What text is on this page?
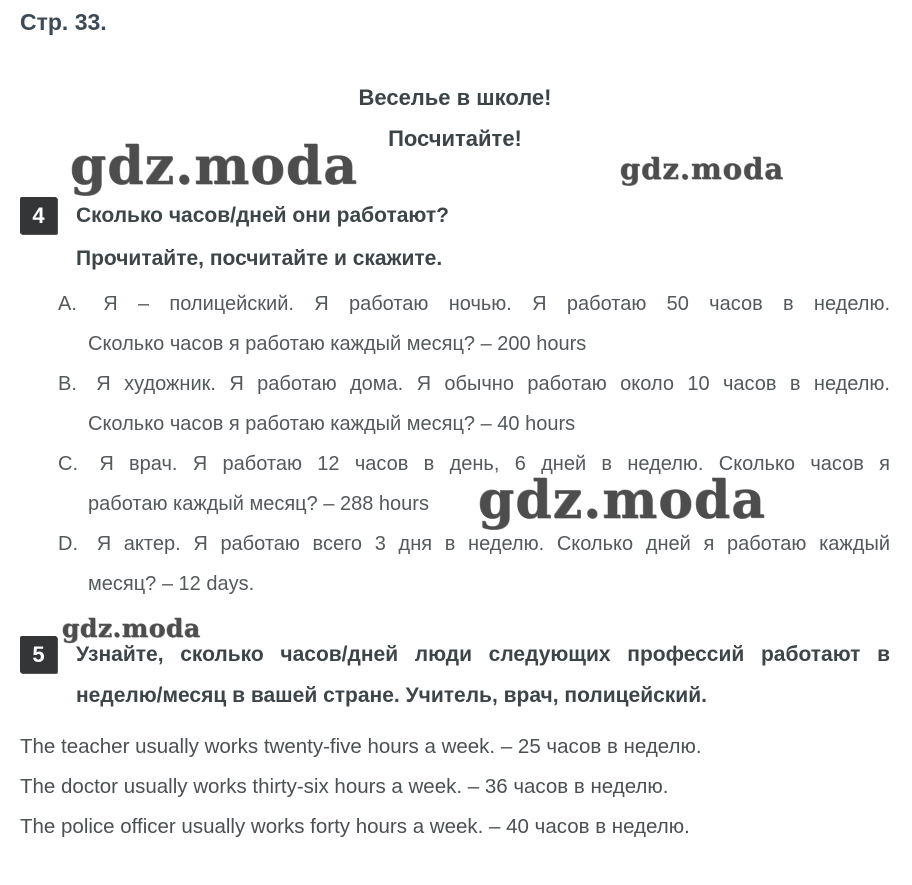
Стр. 33.
Веселье в школе!
Посчитайте!
gdz.moda	gdz.moda
gdz.moda
gdz.moda
4 Сколько часов/дней они работают?
Прочитайте, посчитайте и скажите.
А. Я – полицейский. Я работаю ночью. Я работаю 50 часов в неделю.
Сколько часов я работаю каждый месяц? – 200 hours
В. Я художник. Я работаю дома. Я обычно работаю около 10 часов в неделю.
Сколько часов я работаю каждый месяц? – 40 hours
С. Я врач. Я работаю 12 часов в день, 6 дней в неделю. Сколько часов я
работаю каждый месяц? – 288 hours
D. Я актер. Я работаю всего 3 дня в неделю. Сколько дней я работаю каждый
месяц? – 12 days.
5 Узнайте, сколько часов/дней люди следующих профессий работают в
неделю/месяц в вашей стране. Учитель, врач, полицейский.
The teacher usually works twenty-five hours a week. – 25 часов в неделю.
The doctor usually works thirty-six hours a week. – 36 часов в неделю.
The police officer usually works forty hours a week. – 40 часов в неделю.
